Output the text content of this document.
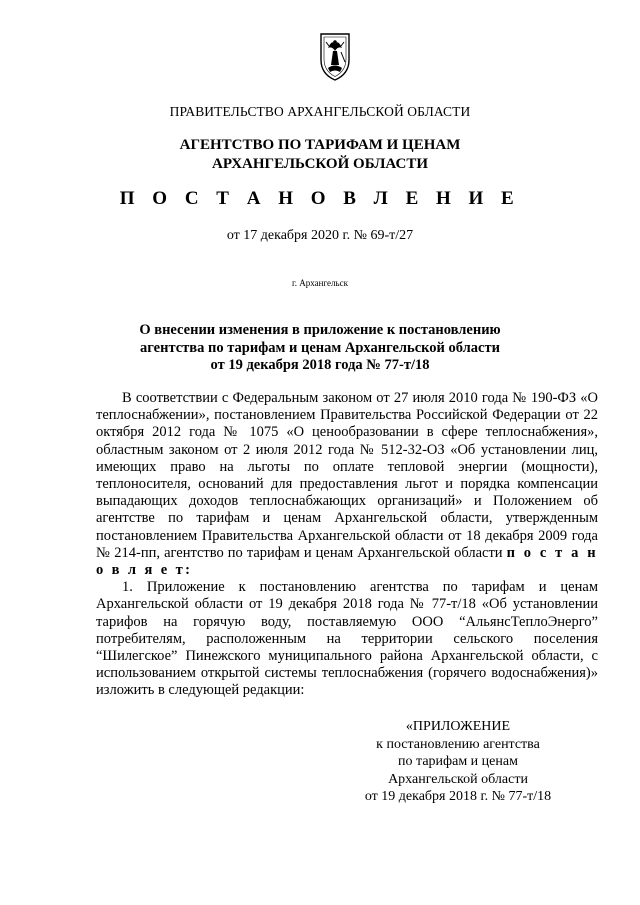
ПРАВИТЕЛЬСТВО АРХАНГЕЛЬСКОЙ ОБЛАСТИ
АГЕНТСТВО ПО ТАРИФАМ И ЦЕНАМ
АРХАНГЕЛЬСКОЙ ОБЛАСТИ
П О С Т А Н О В Л Е Н И Е
от 17 декабря 2020 г. № 69-т/27
г. Архангельск
О внесении изменения в приложение к постановлению
агентства по тарифам и ценам Архангельской области
от 19 декабря 2018 года № 77-т/18

В соответствии с Федеральным законом от 27 июля 2010 года № 190-ФЗ «О теплоснабжении», постановлением Правительства Российской Федерации от 22 октября 2012 года № 1075 «О ценообразовании в сфере теплоснабжения», областным законом от 2 июля 2012 года № 512-32-ОЗ «Об установлении лиц, имеющих право на льготы по оплате тепловой энергии (мощности), теплоносителя, оснований для предоставления льгот и порядка компенсации выпадающих доходов теплоснабжающих организаций» и Положением об агентстве по тарифам и ценам Архангельской области, утвержденным постановлением Правительства Архангельской области от 18 декабря 2009 года № 214-пп, агентство по тарифам и ценам Архангельской области п о с т а н о в л я е т:

1. Приложение к постановлению агентства по тарифам и ценам Архангельской области от 19 декабря 2018 года № 77-т/18 «Об установлении тарифов на горячую воду, поставляемую ООО “АльянсТеплоЭнерго” потребителям, расположенным на территории сельского поселения “Шилегское” Пинежского муниципального района Архангельской области, с использованием открытой системы теплоснабжения (горячего водоснабжения)» изложить в следующей редакции:

«ПРИЛОЖЕНИЕ
к постановлению агентства
по тарифам и ценам
Архангельской области
от 19 декабря 2018 г. № 77-т/18
